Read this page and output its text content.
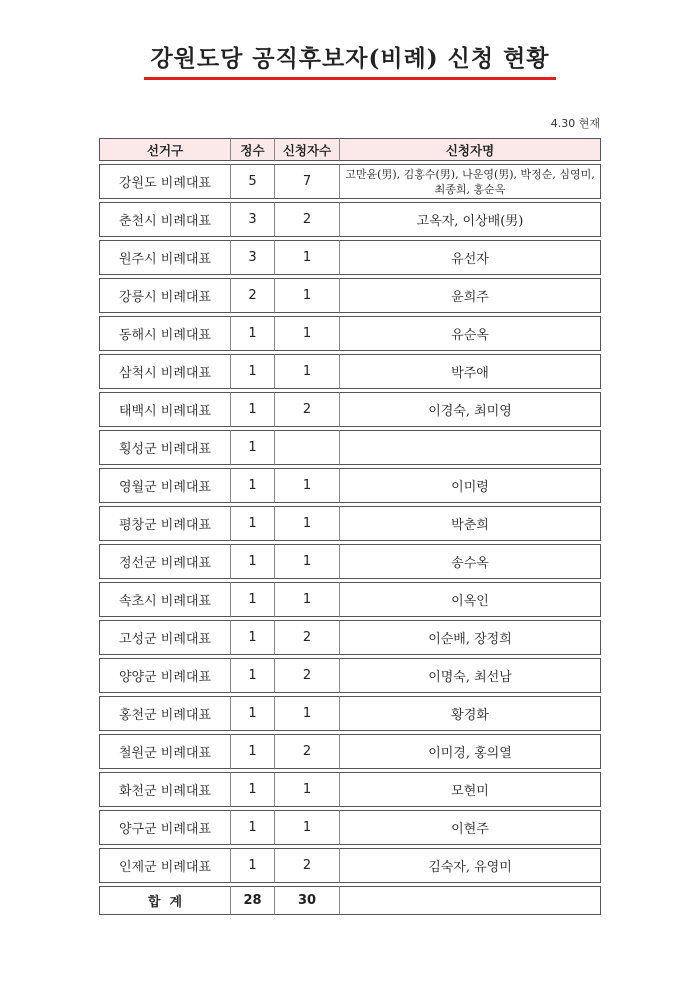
강원도당 공직후보자(비례) 신청 현황
4.30 현재
선거구	정수	신청자수	신청자명
강원도 비례대표	5	7	고만윤(男), 김홍수(男), 나운영(男), 박정순, 심영미, 최종희, 홍순옥
춘천시 비례대표	3	2	고옥자, 이상배(男)
원주시 비례대표	3	1	유선자
강릉시 비례대표	2	1	윤희주
동해시 비례대표	1	1	유순옥
삼척시 비례대표	1	1	박주애
태백시 비례대표	1	2	이경숙, 최미영
횡성군 비례대표	1		
영월군 비례대표	1	1	이미령
평창군 비례대표	1	1	박춘희
정선군 비례대표	1	1	송수옥
속초시 비례대표	1	1	이옥인
고성군 비례대표	1	2	이순배, 장정희
양양군 비례대표	1	2	이명숙, 최선남
홍천군 비례대표	1	1	황경화
철원군 비례대표	1	2	이미경, 홍의열
화천군 비례대표	1	1	모현미
양구군 비례대표	1	1	이현주
인제군 비례대표	1	2	김숙자, 유영미
합  계	28	30	
